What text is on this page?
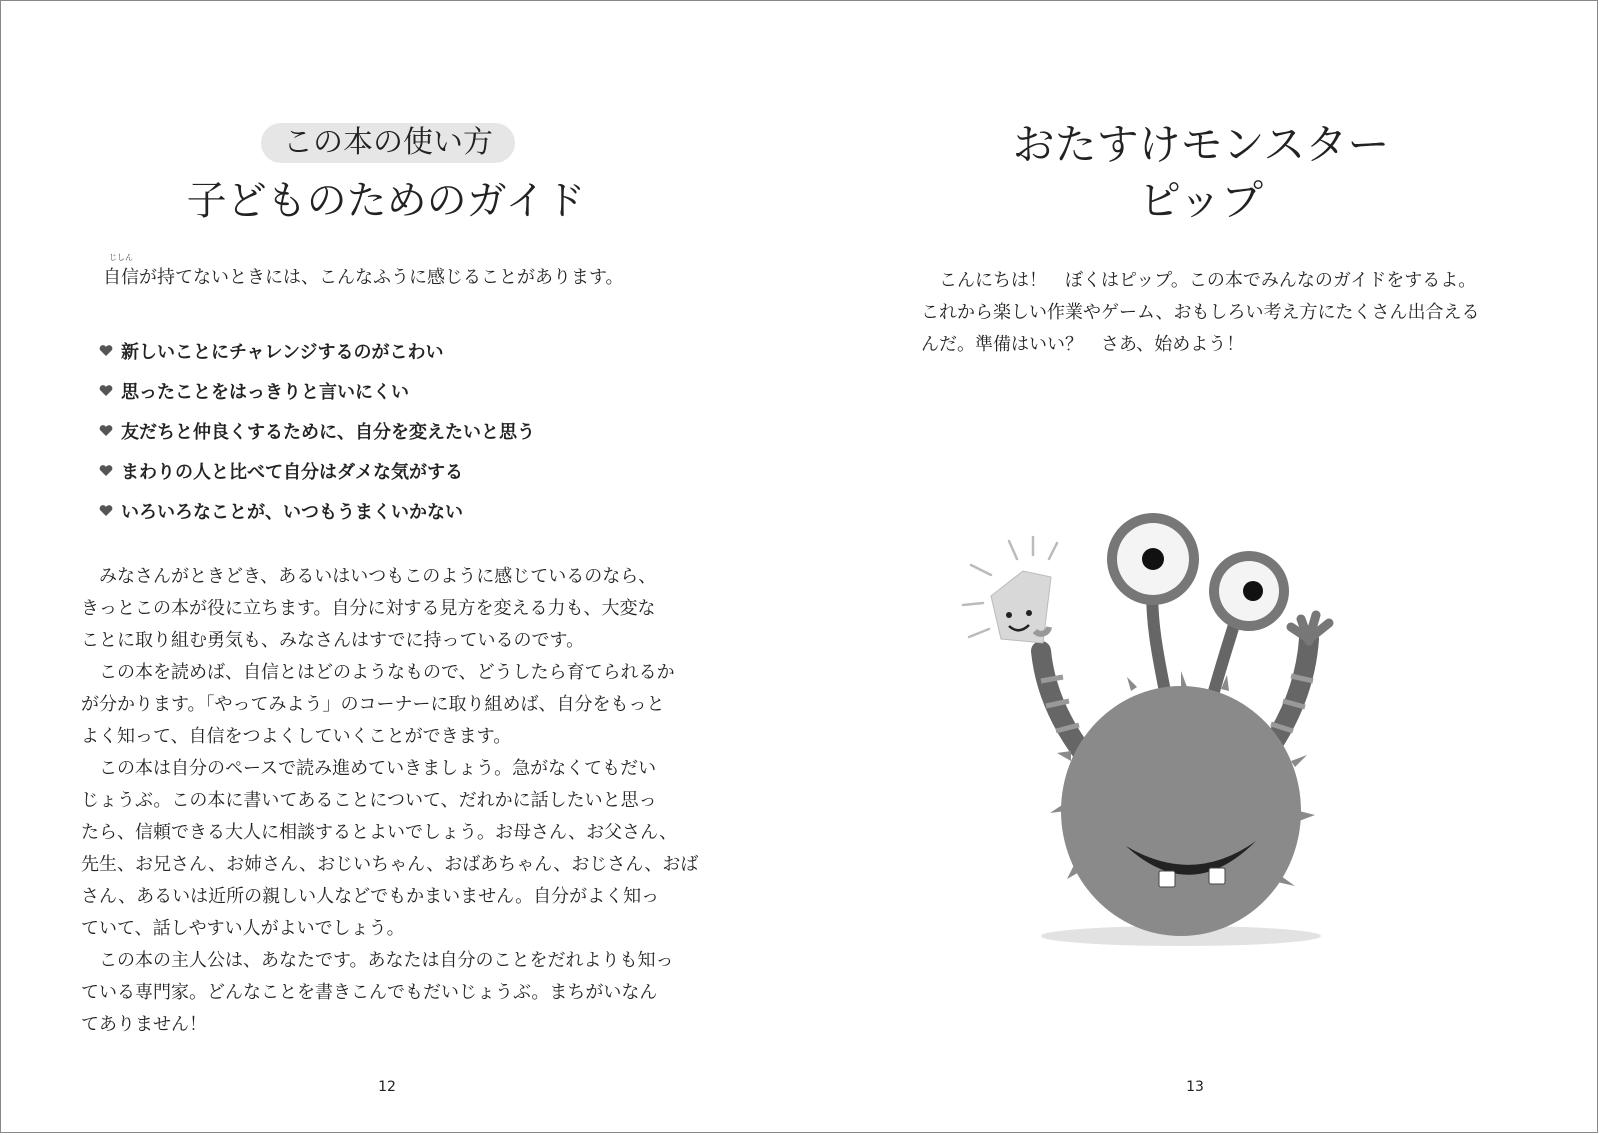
この本の使い方
子どものためのガイド
じしん
自信が持てないときには、こんなふうに感じることがあります。
新しいことにチャレンジするのがこわい
思ったことをはっきりと言いにくい
友だちと仲良くするために、自分を変えたいと思う
まわりの人と比べて自分はダメな気がする
いろいろなことが、いつもうまくいかない
　みなさんがときどき、あるいはいつもこのように感じているのなら、
きっとこの本が役に立ちます。自分に対する見方を変える力も、大変な
ことに取り組む勇気も、みなさんはすでに持っているのです。
　この本を読めば、自信とはどのようなもので、どうしたら育てられるか
が分かります。「やってみよう」のコーナーに取り組めば、自分をもっと
よく知って、自信をつよくしていくことができます。
　この本は自分のペースで読み進めていきましょう。急がなくてもだい
じょうぶ。この本に書いてあることについて、だれかに話したいと思っ
たら、信頼できる大人に相談するとよいでしょう。お母さん、お父さん、
先生、お兄さん、お姉さん、おじいちゃん、おばあちゃん、おじさん、おば
さん、あるいは近所の親しい人などでもかまいません。自分がよく知っ
ていて、話しやすい人がよいでしょう。
　この本の主人公は、あなたです。あなたは自分のことをだれよりも知っ
ている専門家。どんなことを書きこんでもだいじょうぶ。まちがいなん
てありません！
12
おたすけモンスター
ピップ
　こんにちは！　ぼくはピップ。この本でみんなのガイドをするよ。
これから楽しい作業やゲーム、おもしろい考え方にたくさん出合える
んだ。準備はいい？　さあ、始めよう！
13
